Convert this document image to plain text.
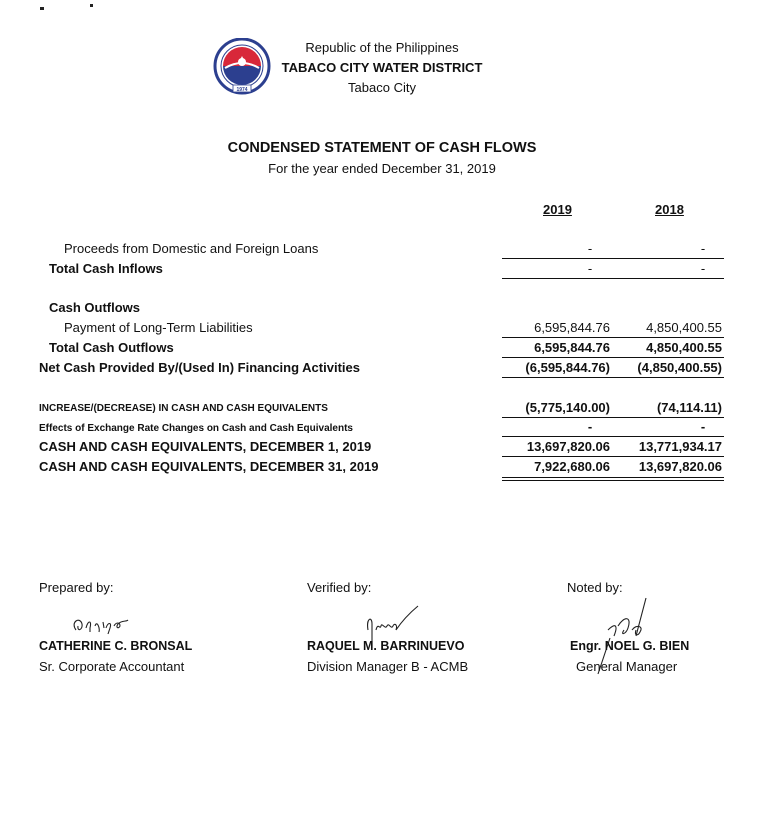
1974
Republic of the Philippines
TABACO CITY WATER DISTRICT
Tabaco City
CONDENSED STATEMENT OF CASH FLOWS
For the year ended December 31, 2019
2019	2018
Proceeds from Domestic and Foreign Loans	-	-
Total Cash Inflows	-	-
Cash Outflows
Payment of Long-Term Liabilities	6,595,844.76	4,850,400.55
Total Cash Outflows	6,595,844.76	4,850,400.55
Net Cash Provided By/(Used In) Financing Activities	(6,595,844.76)	(4,850,400.55)
INCREASE/(DECREASE) IN CASH AND CASH EQUIVALENTS	(5,775,140.00)	(74,114.11)
Effects of Exchange Rate Changes on Cash and Cash Equivalents	-	-
CASH AND CASH EQUIVALENTS, DECEMBER 1, 2019	13,697,820.06	13,771,934.17
CASH AND CASH EQUIVALENTS, DECEMBER 31, 2019	7,922,680.06	13,697,820.06
Prepared by:
CATHERINE C. BRONSAL
Sr. Corporate Accountant
Verified by:
RAQUEL M. BARRINUEVO
Division Manager B - ACMB
Noted by:
Engr. NOEL G. BIEN
General Manager
